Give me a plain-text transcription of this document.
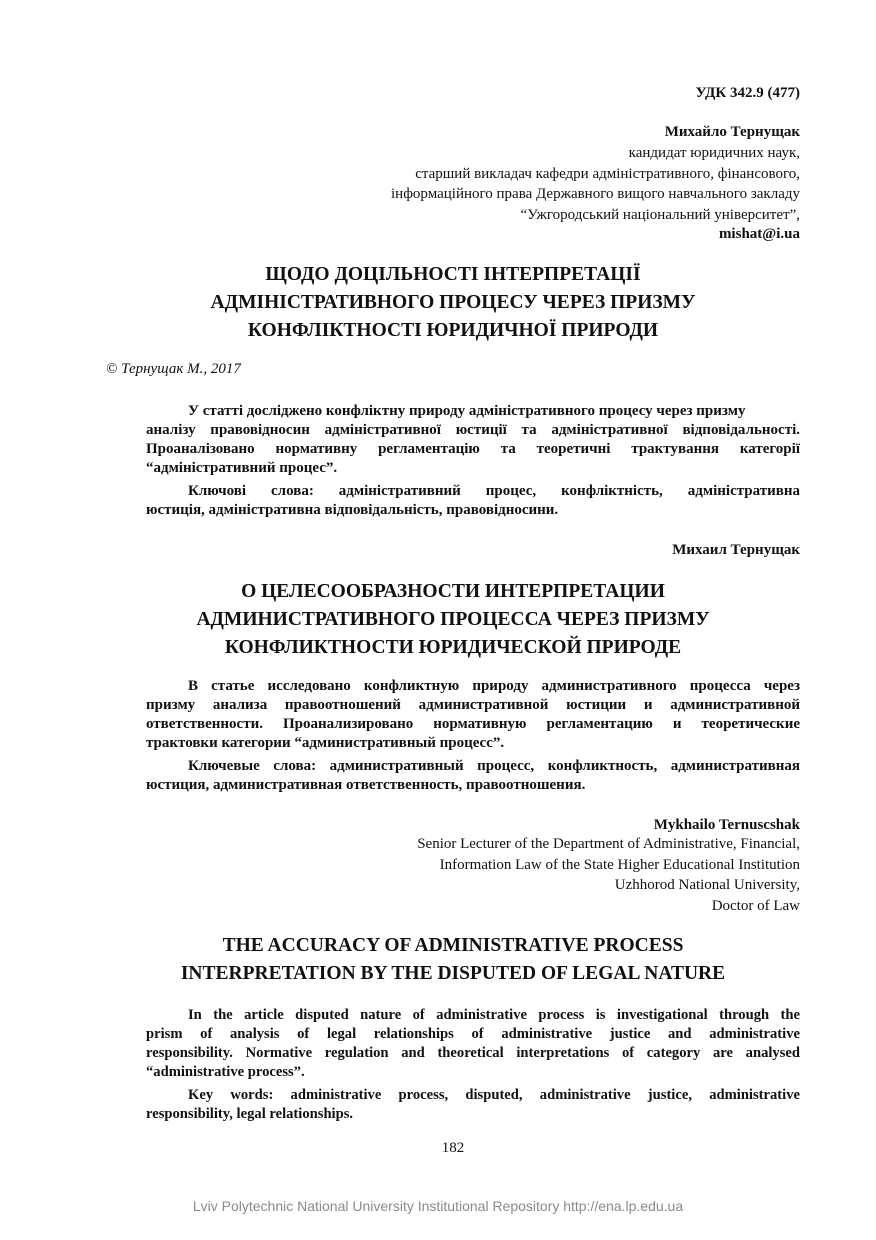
УДК 342.9 (477)
Михайло Тернущак
кандидат юридичних наук,
старший викладач кафедри адміністративного, фінансового,
інформаційного права Державного вищого навчального закладу
“Ужгородський національний університет”,
mishat@i.ua
ЩОДО ДОЦІЛЬНОСТІ ІНТЕРПРЕТАЦІЇ
АДМІНІСТРАТИВНОГО ПРОЦЕСУ ЧЕРЕЗ ПРИЗМУ
КОНФЛІКТНОСТІ ЮРИДИЧНОЇ ПРИРОДИ
© Тернущак М., 2017
У статті досліджено конфліктну природу адміністративного процесу через призму
аналізу правовідносин адміністративної юстиції та адміністративної відповідальності.
Проаналізовано нормативну регламентацію та теоретичні трактування категорії
“адміністративний процес”.
Ключові слова: адміністративний процес, конфліктність, адміністративна
юстиція, адміністративна відповідальність, правовідносини.
Михаил Тернущак
О ЦЕЛЕСООБРАЗНОСТИ ИНТЕРПРЕТАЦИИ
АДМИНИСТРАТИВНОГО ПРОЦЕССА ЧЕРЕЗ ПРИЗМУ
КОНФЛИКТНОСТИ ЮРИДИЧЕСКОЙ ПРИРОДЕ
В статье исследовано конфликтную природу административного процесса через
призму анализа правоотношений административной юстиции и административной
ответственности. Проанализировано нормативную регламентацию и теоретические
трактовки категории “административный процесс”.
Ключевые слова: административный процесс, конфликтность, административная
юстиция, административная ответственность, правоотношения.
Mykhailo Ternuscshak
Senior Lecturer of the Department of Administrative, Financial,
Information Law of the State Higher Educational Institution
Uzhhorod National University,
Doctor of Law
THE ACCURACY OF ADMINISTRATIVE PROCESS
INTERPRETATION BY THE DISPUTED OF LEGAL NATURE
In the article disputed nature of administrative process is investigational through the
prism of analysis of legal relationships of administrative justice and administrative
responsibility. Normative regulation and theoretical interpretations of category are analysed
“administrative process”.
Key words: administrative process, disputed, administrative justice, administrative
responsibility, legal relationships.
182
Lviv Polytechnic National University Institutional Repository http://ena.lp.edu.ua
